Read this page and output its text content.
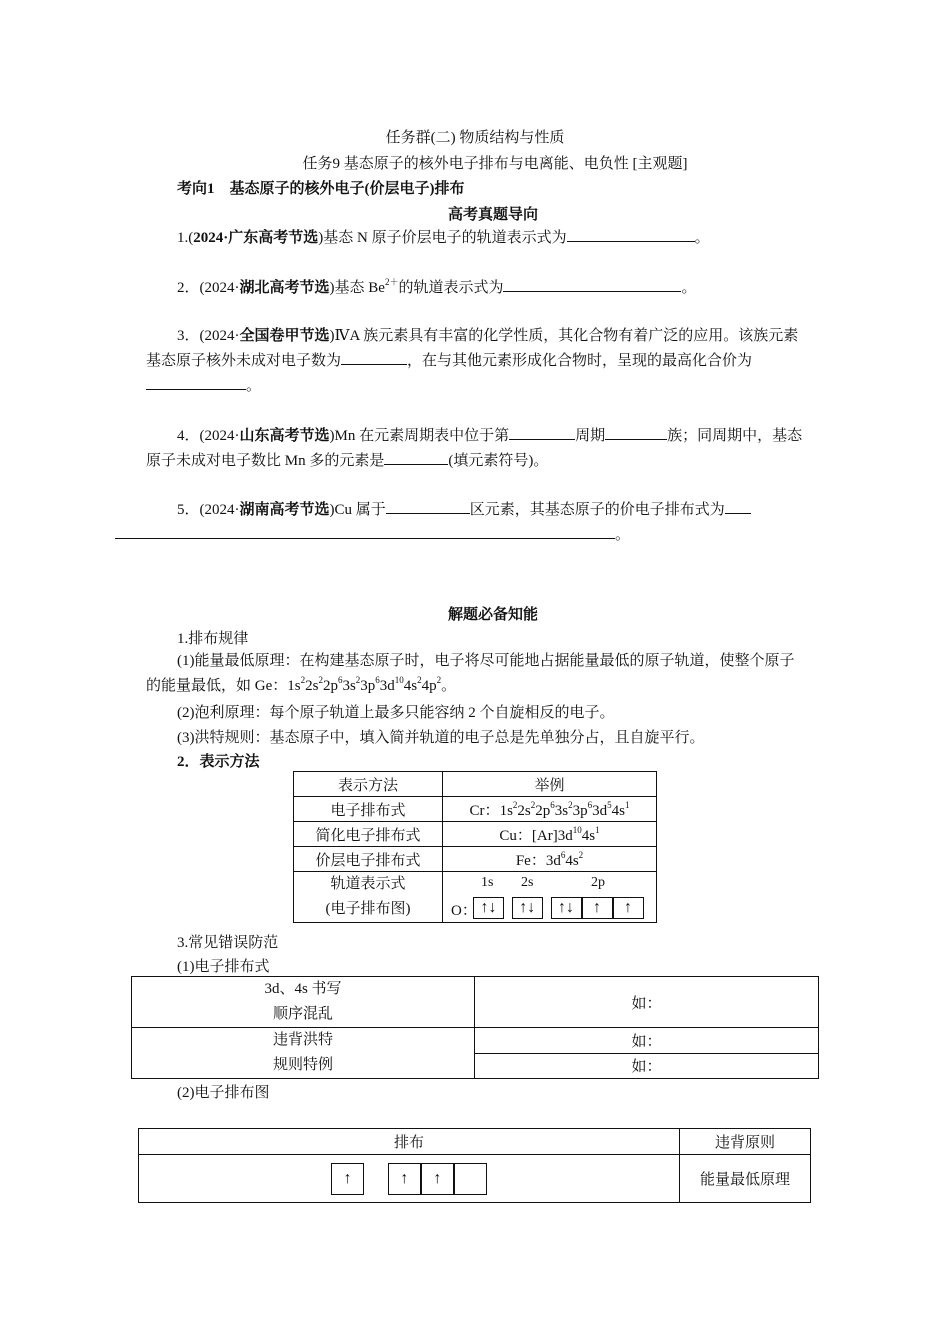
任务群(二) 物质结构与性质
任务9 基态原子的核外电子排布与电离能、电负性 [主观题]
考向1　基态原子的核外电子(价层电子)排布
高考真题导向
1.(2024·广东高考节选)基态 N 原子价层电子的轨道表示式为	。
2．(2024·湖北高考节选)基态 $Be^{2+}$的轨道表示式为	。
3．(2024·全国卷甲节选)ⅣA 族元素具有丰富的化学性质，其化合物有着广泛的应用。该族元素基态原子核外未成对电子数为	，在与其他元素形成化合物时，呈现的最高化合价为。
4．(2024·山东高考节选)Mn 在元素周期表中位于第	周期	族；同周期中，基态原子未成对电子数比 Mn 多的元素是	(填元素符号)。
5．(2024·湖南高考节选)Cu 属于	区元素，其基态原子的价电子排布式为
。
解题必备知能
1.排布规律
(1)能量最低原理：在构建基态原子时，电子将尽可能地占据能量最低的原子轨道，使整个原子的能量最低，如 Ge：$1s^22s^22p^63s^23p^63d^{10}4s^24p^2$。
(2)泡利原理：每个原子轨道上最多只能容纳 2 个自旋相反的电子。
(3)洪特规则：基态原子中，填入简并轨道的电子总是先单独分占，且自旋平行。
2．表示方法
表示方法	举例
电子排布式	Cr：$1s^22s^22p^63s^23p^63d^54s^1$
简化电子排布式	Cu：$[Ar]3d^{10}4s^1$
价层电子排布式	Fe：$3d^64s^2$
轨道表示式
(电子排布图)	1s 2s 2p
O： ↑↓ ↑↓ ↑↓ ↑ ↑
3.常见错误防范
(1)电子排布式
3d、4s 书写
顺序混乱	如：
违背洪特
规则特例	如：
	如：
(2)电子排布图
排布	违背原则
↑ ↑ ↑	能量最低原理
